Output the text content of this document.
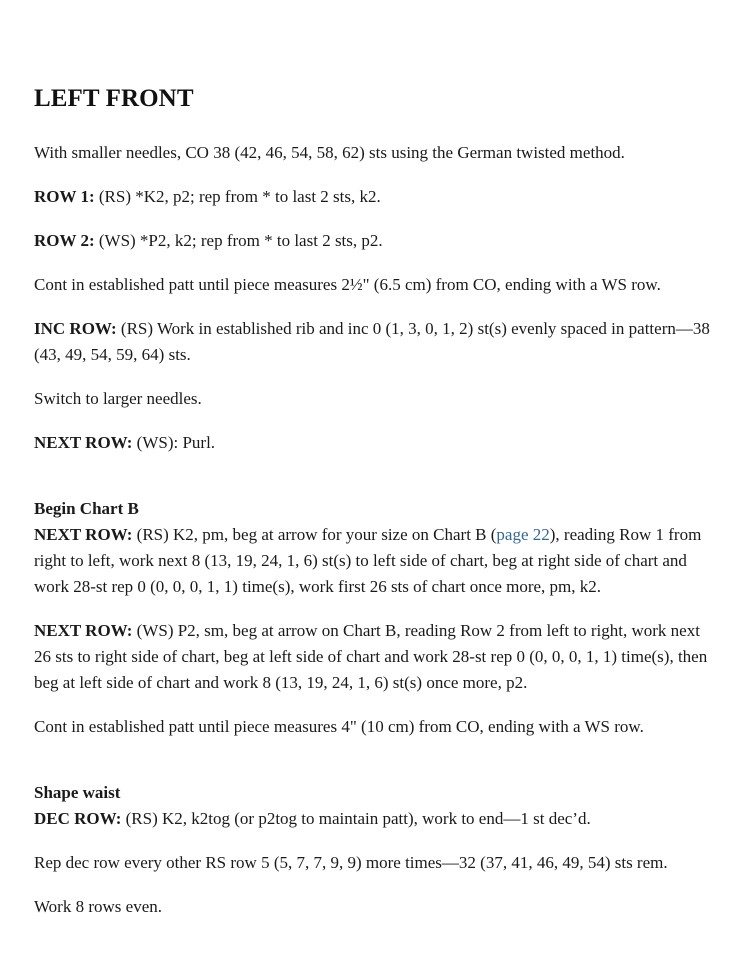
LEFT FRONT

With smaller needles, CO 38 (42, 46, 54, 58, 62) sts using the German twisted method.

ROW 1: (RS) *K2, p2; rep from * to last 2 sts, k2.

ROW 2: (WS) *P2, k2; rep from * to last 2 sts, p2.

Cont in established patt until piece measures 2½" (6.5 cm) from CO, ending with a WS row.

INC ROW: (RS) Work in established rib and inc 0 (1, 3, 0, 1, 2) st(s) evenly spaced in pattern—38 (43, 49, 54, 59, 64) sts.

Switch to larger needles.

NEXT ROW: (WS): Purl.

Begin Chart B

NEXT ROW: (RS) K2, pm, beg at arrow for your size on Chart B (page 22), reading Row 1 from right to left, work next 8 (13, 19, 24, 1, 6) st(s) to left side of chart, beg at right side of chart and work 28-st rep 0 (0, 0, 0, 1, 1) time(s), work first 26 sts of chart once more, pm, k2.

NEXT ROW: (WS) P2, sm, beg at arrow on Chart B, reading Row 2 from left to right, work next 26 sts to right side of chart, beg at left side of chart and work 28-st rep 0 (0, 0, 0, 1, 1) time(s), then beg at left side of chart and work 8 (13, 19, 24, 1, 6) st(s) once more, p2.

Cont in established patt until piece measures 4" (10 cm) from CO, ending with a WS row.

Shape waist

DEC ROW: (RS) K2, k2tog (or p2tog to maintain patt), work to end—1 st dec’d.

Rep dec row every other RS row 5 (5, 7, 7, 9, 9) more times—32 (37, 41, 46, 49, 54) sts rem.

Work 8 rows even.
